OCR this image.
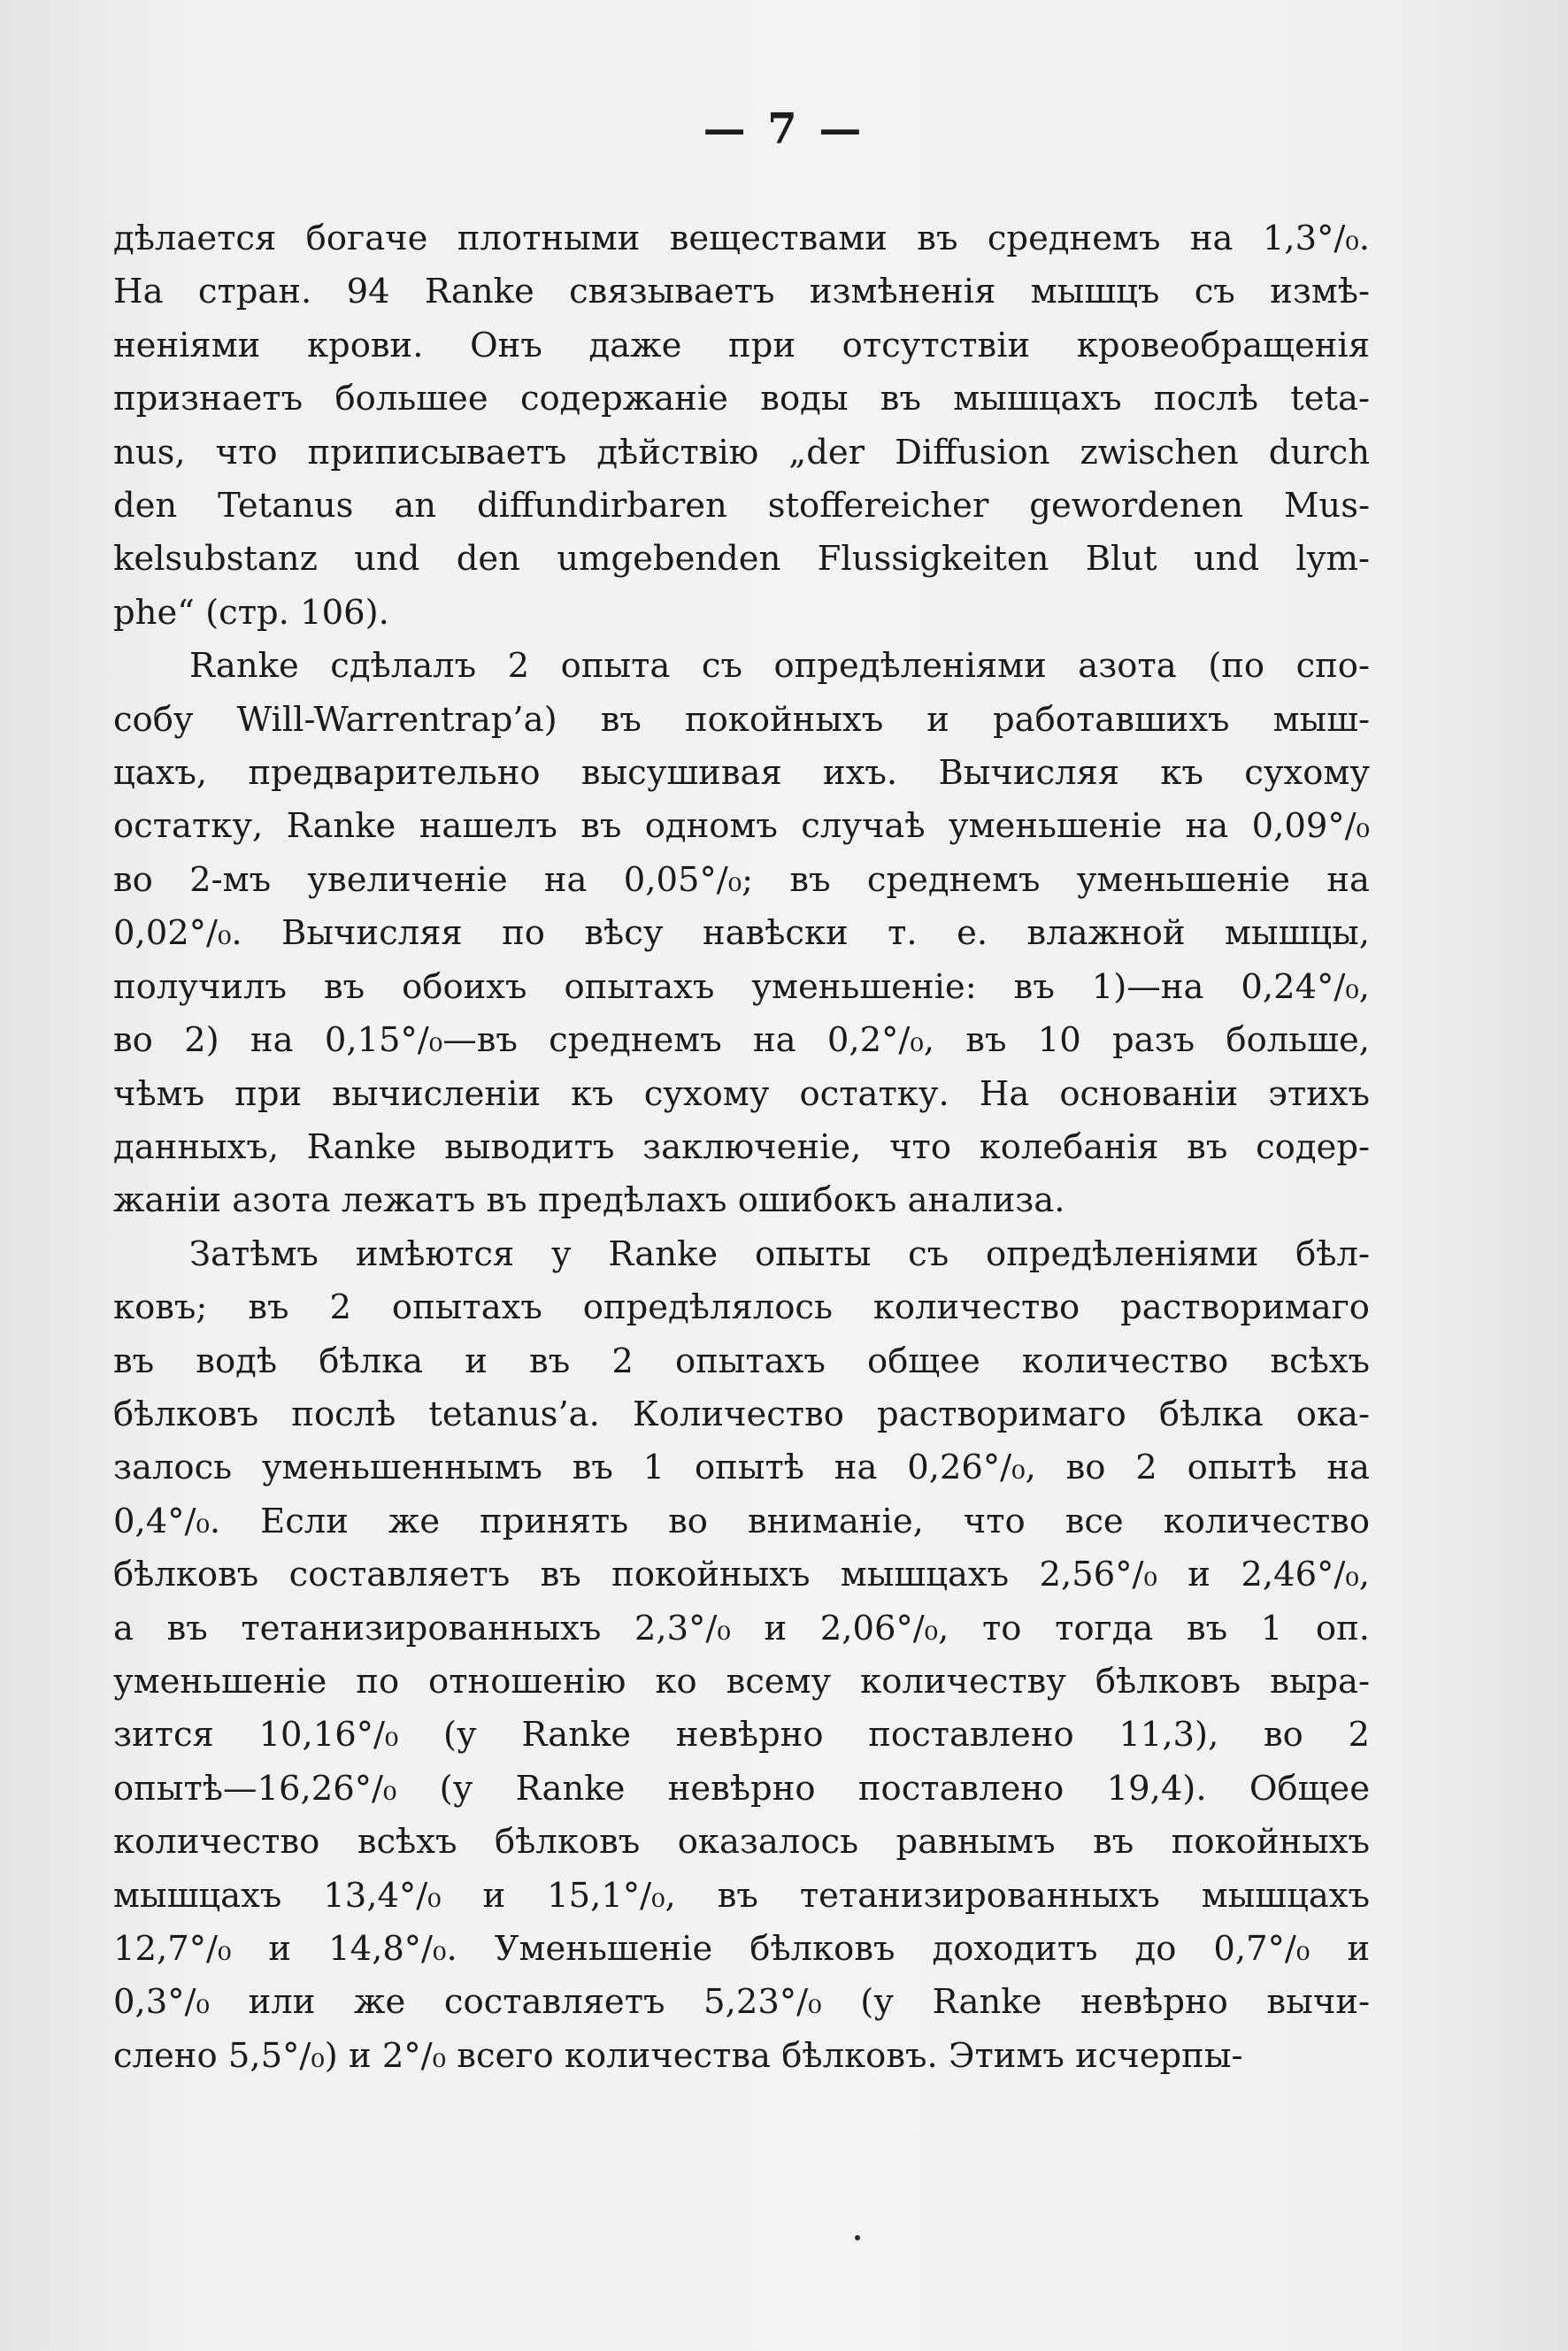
— 7 —
дѣлается богаче плотными веществами въ среднемъ на 1,3°/₀.
На стран. 94 Ranke связываетъ измѣненія мышцъ съ измѣ-
неніями крови. Онъ даже при отсутствіи кровеобращенія
признаетъ большее содержаніе воды въ мышцахъ послѣ teta-
nus, что приписываетъ дѣйствію „der Diffusion zwischen durch
den Tetanus an diffundirbaren stoffereicher gewordenen Mus-
kelsubstanz und den umgebenden Flussigkeiten Blut und lym-
phe“ (стр. 106).
Ranke сдѣлалъ 2 опыта съ опредѣленіями азота (по спо-
собу Will-Warrentrap’а) въ покойныхъ и работавшихъ мыш-
цахъ, предварительно высушивая ихъ. Вычисляя къ сухому
остатку, Ranke нашелъ въ одномъ случаѣ уменьшеніе на 0,09°/₀
во 2-мъ увеличеніе на 0,05°/₀; въ среднемъ уменьшеніе на
0,02°/₀. Вычисляя по вѣсу навѣски т. е. влажной мышцы,
получилъ въ обоихъ опытахъ уменьшеніе: въ 1)—на 0,24°/₀,
во 2) на 0,15°/₀—въ среднемъ на 0,2°/₀, въ 10 разъ больше,
чѣмъ при вычисленіи къ сухому остатку. На основаніи этихъ
данныхъ, Ranke выводитъ заключеніе, что колебанія въ содер-
жаніи азота лежатъ въ предѣлахъ ошибокъ анализа.
Затѣмъ имѣются у Ranke опыты съ опредѣленіями бѣл-
ковъ; въ 2 опытахъ опредѣлялось количество растворимаго
въ водѣ бѣлка и въ 2 опытахъ общее количество всѣхъ
бѣлковъ послѣ tetanus’а. Количество растворимаго бѣлка ока-
залось уменьшеннымъ въ 1 опытѣ на 0,26°/₀, во 2 опытѣ на
0,4°/₀. Если же принять во вниманіе, что все количество
бѣлковъ составляетъ въ покойныхъ мышцахъ 2,56°/₀ и 2,46°/₀,
а въ тетанизированныхъ 2,3°/₀ и 2,06°/₀, то тогда въ 1 оп.
уменьшеніе по отношенію ко всему количеству бѣлковъ выра-
зится 10,16°/₀ (у Ranke невѣрно поставлено 11,3), во 2
опытѣ—16,26°/₀ (у Ranke невѣрно поставлено 19,4). Общее
количество всѣхъ бѣлковъ оказалось равнымъ въ покойныхъ
мышцахъ 13,4°/₀ и 15,1°/₀, въ тетанизированныхъ мышцахъ
12,7°/₀ и 14,8°/₀. Уменьшеніе бѣлковъ доходитъ до 0,7°/₀ и
0,3°/₀ или же составляетъ 5,23°/₀ (у Ranke невѣрно вычи-
слено 5,5°/₀) и 2°/₀ всего количества бѣлковъ. Этимъ исчерпы-
